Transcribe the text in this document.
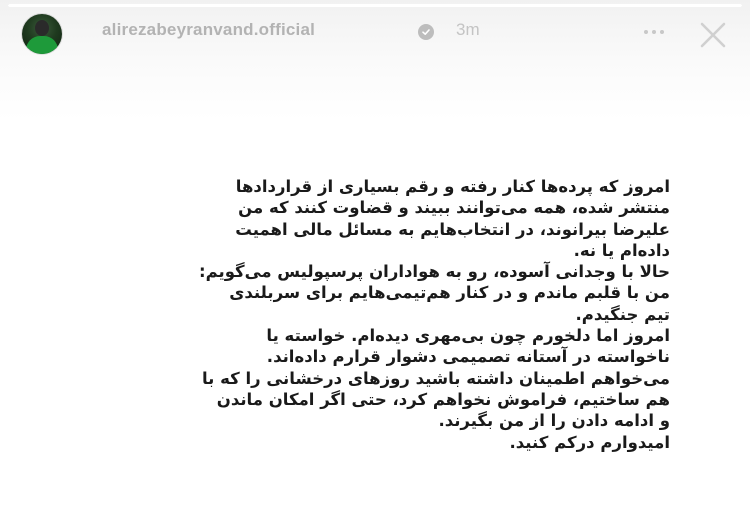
alirezabeyranvand.official	3m
امروز که پرده‌ها کنار رفته و رقم بسیاری از قراردادها
منتشر شده، همه می‌توانند ببیند و قضاوت کنند که من
علیرضا بیرانوند، در انتخاب‌هایم به مسائل مالی اهمیت
داده‌ام یا نه.
حالا با وجدانی آسوده، رو به هواداران پرسپولیس می‌گویم:
من با قلبم ماندم و در کنار هم‌تیمی‌هایم برای سربلندی
تیم جنگیدم.
امروز اما دلخورم چون بی‌مهری دیده‌ام. خواسته یا
ناخواسته در آستانه تصمیمی دشوار قرارم داده‌اند.
می‌خواهم اطمینان داشته باشید روزهای درخشانی را که با
هم ساختیم، فراموش نخواهم کرد، حتی اگر امکان ماندن
و ادامه دادن را از من بگیرند.
امیدوارم درکم کنید.
